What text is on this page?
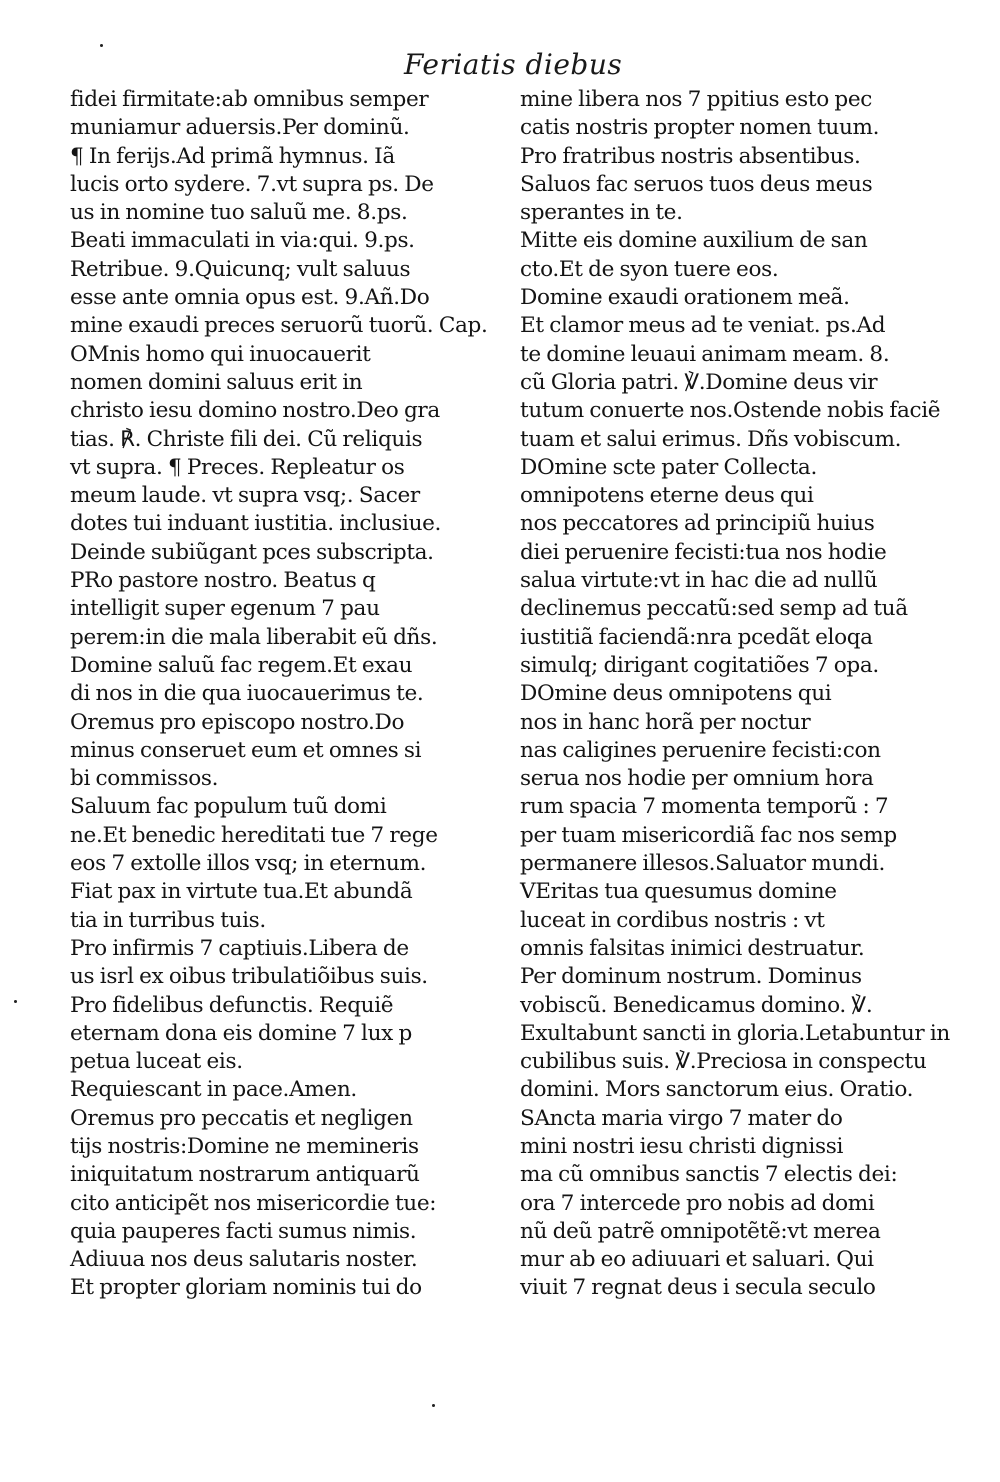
Feriatis diebus
fidei firmitate:ab omnibus semper
muniamur aduersis.Per dominũ.
¶ In ferijs.Ad primã hymnus. Iã
lucis orto sydere. 7.vt supra ps. De
us in nomine tuo saluũ me. 8.ps.
Beati immaculati in via:qui. 9.ps.
Retribue. 9.Quicunq; vult saluus
esse ante omnia opus est. 9.Añ.Do
mine exaudi preces seruorũ tuorũ. Cap.
OMnis homo qui inuocauerit
nomen domini saluus erit in
christo iesu domino nostro.Deo gra
tias. ℟. Christe fili dei. Cũ reliquis
vt supra. ¶ Preces. Repleatur os
meum laude. vt supra vsq;. Sacer
dotes tui induant iustitia. inclusiue.
Deinde subiũgant pces subscripta.
PRo pastore nostro. Beatus q
intelligit super egenum 7 pau
perem:in die mala liberabit eũ dñs.
Domine saluũ fac regem.Et exau
di nos in die qua iuocauerimus te.
Oremus pro episcopo nostro.Do
minus conseruet eum et omnes si
bi commissos.
Saluum fac populum tuũ domi
ne.Et benedic hereditati tue 7 rege
eos 7 extolle illos vsq; in eternum.
Fiat pax in virtute tua.Et abundã
tia in turribus tuis.
Pro infirmis 7 captiuis.Libera de
us isrl ex oibus tribulatiõibus suis.
Pro fidelibus defunctis. Requiẽ
eternam dona eis domine 7 lux p
petua luceat eis.
Requiescant in pace.Amen.
Oremus pro peccatis et negligen
tijs nostris:Domine ne memineris
iniquitatum nostrarum antiquarũ
cito anticipẽt nos misericordie tue:
quia pauperes facti sumus nimis.
Adiuua nos deus salutaris noster.
Et propter gloriam nominis tui do
mine libera nos 7 ppitius esto pec
catis nostris propter nomen tuum.
Pro fratribus nostris absentibus.
Saluos fac seruos tuos deus meus
sperantes in te.
Mitte eis domine auxilium de san
cto.Et de syon tuere eos.
Domine exaudi orationem meã.
Et clamor meus ad te veniat. ps.Ad
te domine leuaui animam meam. 8.
cũ Gloria patri. ℣.Domine deus vir
tutum conuerte nos.Ostende nobis faciẽ
tuam et salui erimus. Dñs vobiscum.
DOmine scte pater Collecta.
omnipotens eterne deus qui
nos peccatores ad principiũ huius
diei peruenire fecisti:tua nos hodie
salua virtute:vt in hac die ad nullũ
declinemus peccatũ:sed semp ad tuã
iustitiã faciendã:nra pcedãt eloqa
simulq; dirigant cogitatiões 7 opa.
DOmine deus omnipotens qui
nos in hanc horã per noctur
nas caligines peruenire fecisti:con
serua nos hodie per omnium hora
rum spacia 7 momenta temporũ : 7
per tuam misericordiã fac nos semp
permanere illesos.Saluator mundi.
VEritas tua quesumus domine
luceat in cordibus nostris : vt
omnis falsitas inimici destruatur.
Per dominum nostrum. Dominus
vobiscũ. Benedicamus domino. ℣.
Exultabunt sancti in gloria.Letabuntur in
cubilibus suis. ℣.Preciosa in conspectu
domini. Mors sanctorum eius. Oratio.
SAncta maria virgo 7 mater do
mini nostri iesu christi dignissi
ma cũ omnibus sanctis 7 electis dei:
ora 7 intercede pro nobis ad domi
nũ deũ patrẽ omnipotẽtẽ:vt merea
mur ab eo adiuuari et saluari. Qui
viuit 7 regnat deus i secula seculo
